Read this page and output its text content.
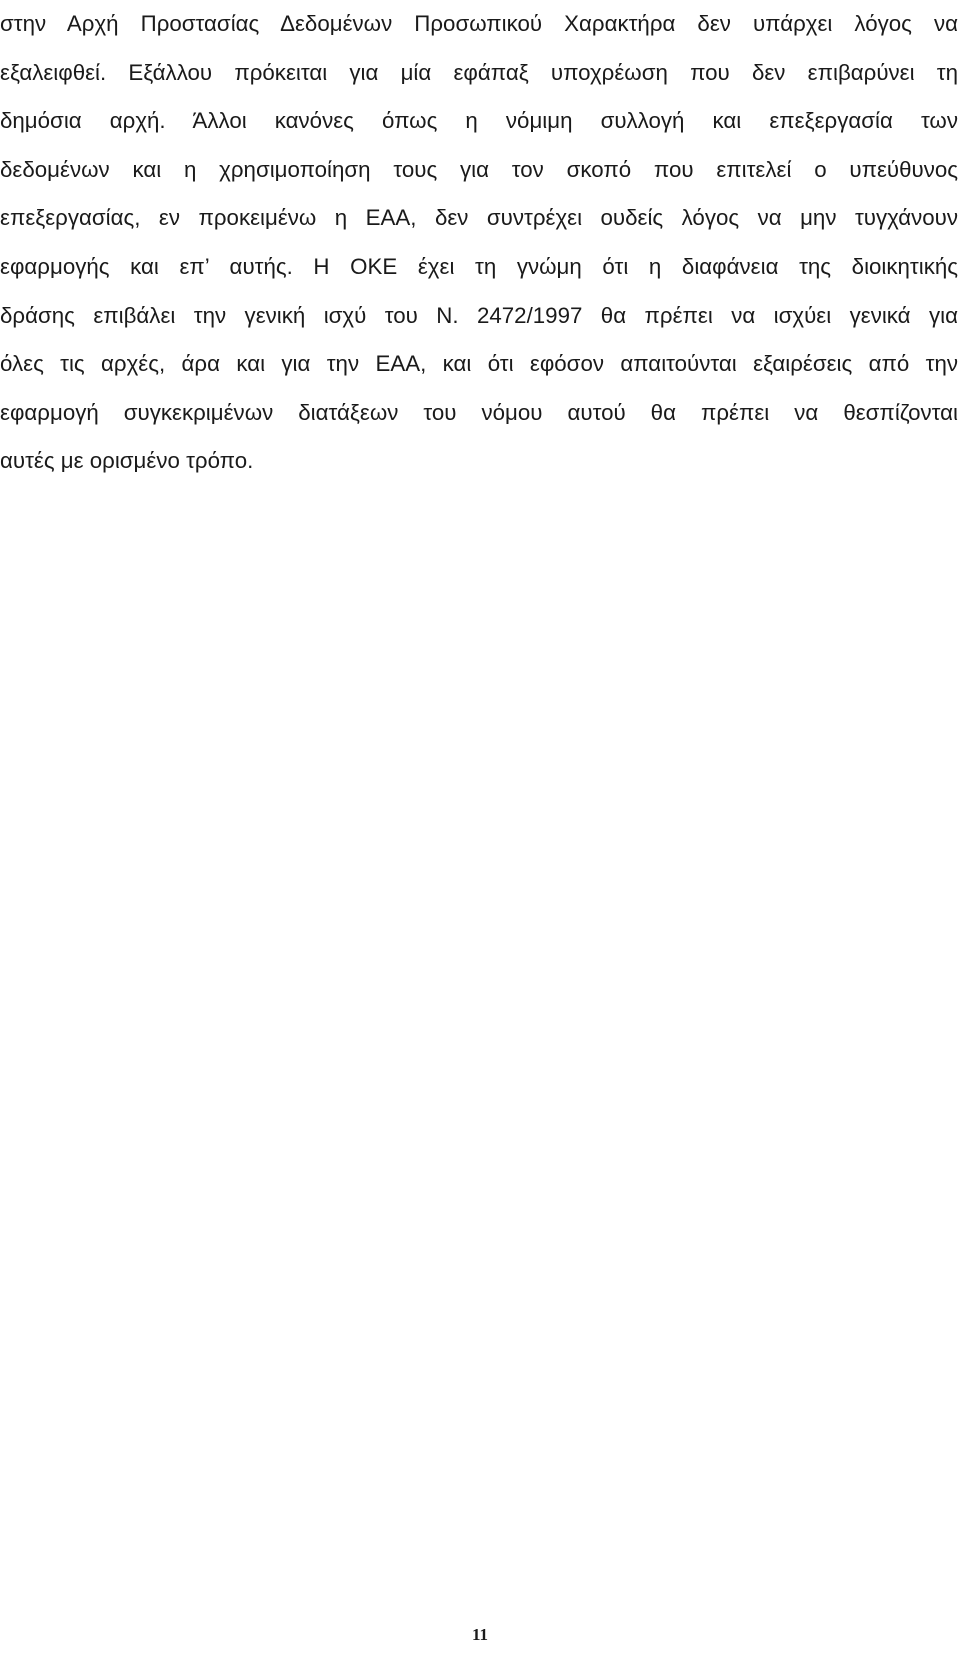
στην Αρχή Προστασίας Δεδομένων Προσωπικού Χαρακτήρα δεν υπάρχει λόγος να
εξαλειφθεί. Εξάλλου πρόκειται για μία εφάπαξ υποχρέωση που δεν επιβαρύνει τη
δημόσια αρχή. Άλλοι κανόνες όπως η νόμιμη συλλογή και επεξεργασία των
δεδομένων και η χρησιμοποίηση τους για τον σκοπό που επιτελεί ο υπεύθυνος
επεξεργασίας, εν προκειμένω η ΕΑΑ, δεν συντρέχει ουδείς λόγος να μην τυγχάνουν
εφαρμογής και επ’ αυτής. Η ΟΚΕ έχει τη γνώμη ότι η διαφάνεια της διοικητικής
δράσης επιβάλει την γενική ισχύ του Ν. 2472/1997 θα πρέπει να ισχύει γενικά για
όλες τις αρχές, άρα και για την ΕΑΑ, και ότι εφόσον απαιτούνται εξαιρέσεις από την
εφαρμογή συγκεκριμένων διατάξεων του νόμου αυτού θα πρέπει να θεσπίζονται
αυτές με ορισμένο τρόπο.
11
